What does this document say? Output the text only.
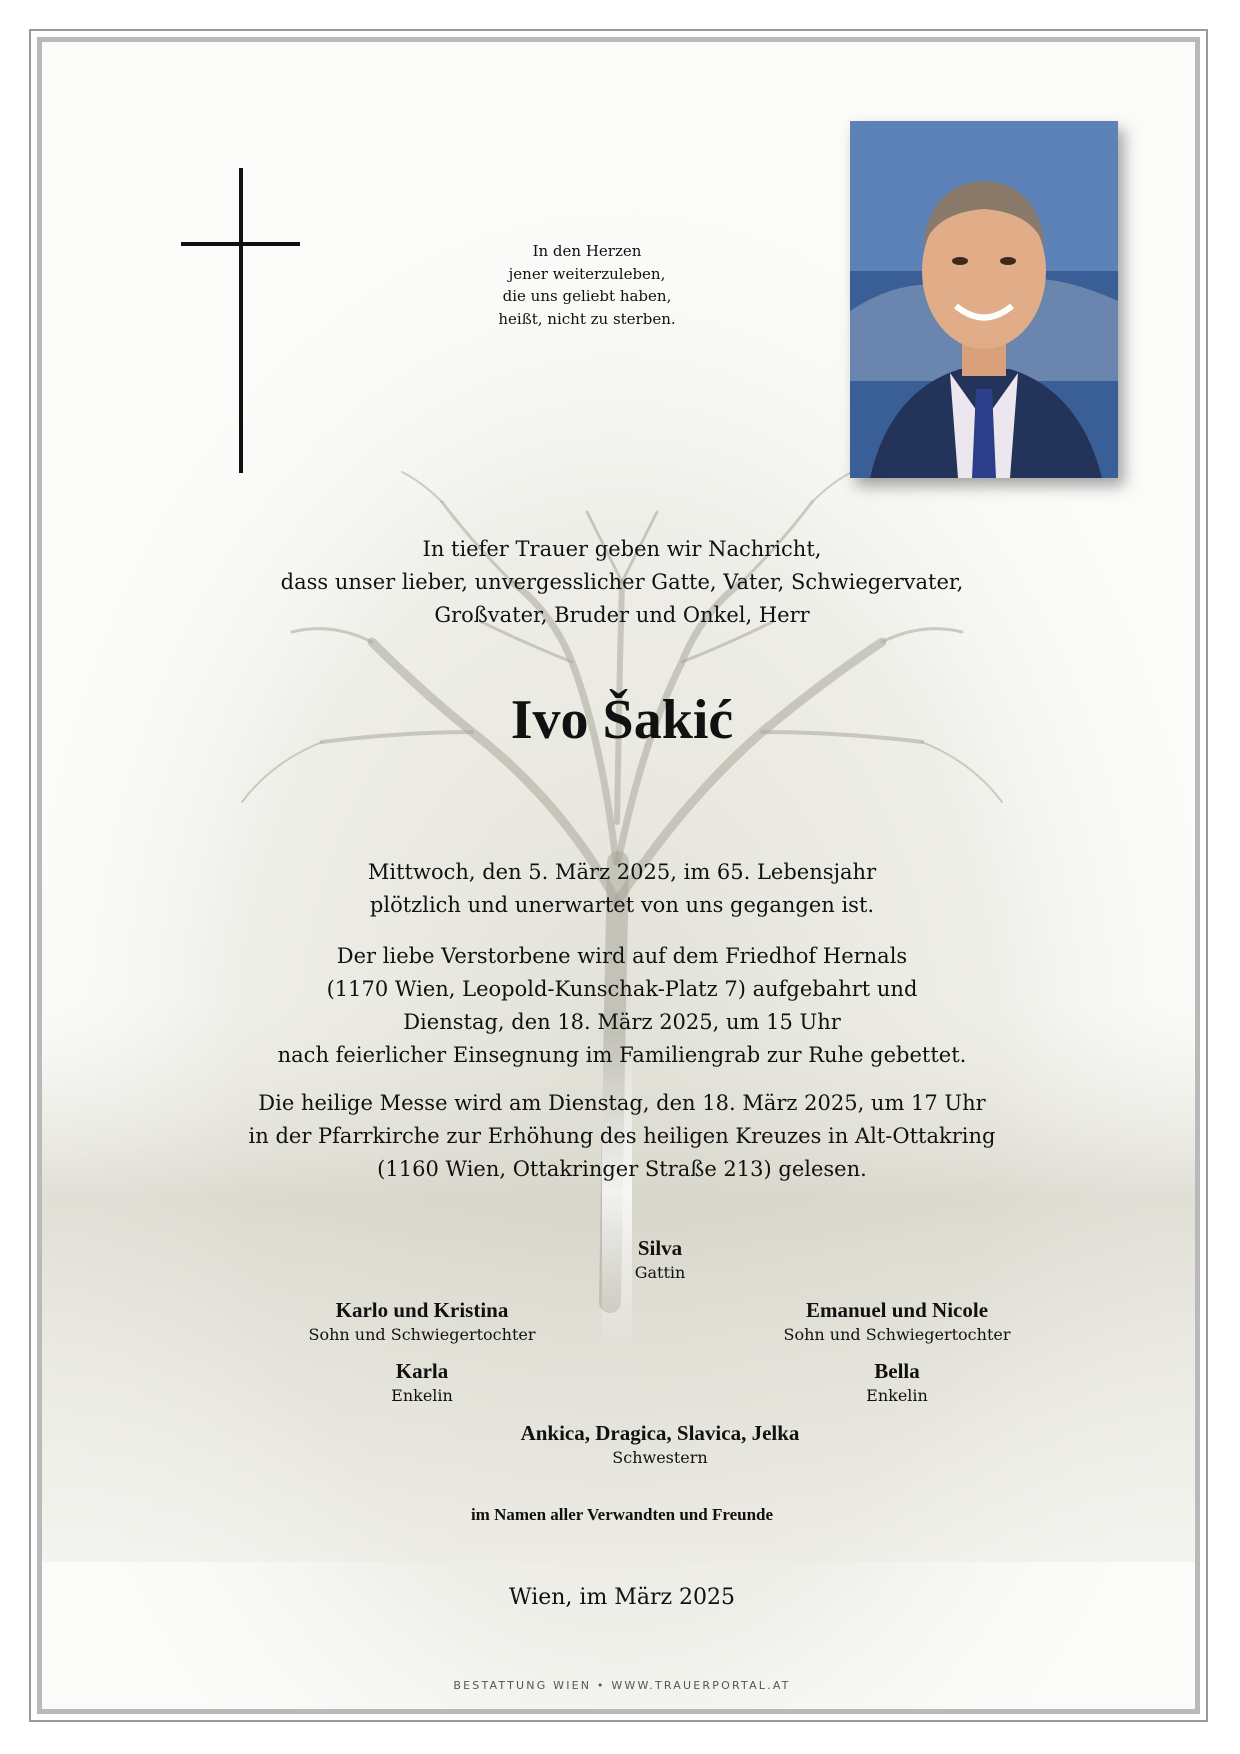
In den Herzen
jener weiterzuleben,
die uns geliebt haben,
heißt, nicht zu sterben.
In tiefer Trauer geben wir Nachricht,
dass unser lieber, unvergesslicher Gatte, Vater, Schwiegervater,
Großvater, Bruder und Onkel, Herr
Ivo Šakić
Mittwoch, den 5. März 2025, im 65. Lebensjahr
plötzlich und unerwartet von uns gegangen ist.
Der liebe Verstorbene wird auf dem Friedhof Hernals
(1170 Wien, Leopold-Kunschak-Platz 7) aufgebahrt und
Dienstag, den 18. März 2025, um 15 Uhr
nach feierlicher Einsegnung im Familiengrab zur Ruhe gebettet.
Die heilige Messe wird am Dienstag, den 18. März 2025, um 17 Uhr
in der Pfarrkirche zur Erhöhung des heiligen Kreuzes in Alt-Ottakring
(1160 Wien, Ottakringer Straße 213) gelesen.
Silva
Gattin
Karlo und Kristina
Sohn und Schwiegertochter
Emanuel und Nicole
Sohn und Schwiegertochter
Karla
Enkelin
Bella
Enkelin
Ankica, Dragica, Slavica, Jelka
Schwestern
im Namen aller Verwandten und Freunde
Wien, im März 2025
BESTATTUNG WIEN • WWW.TRAUERPORTAL.AT
